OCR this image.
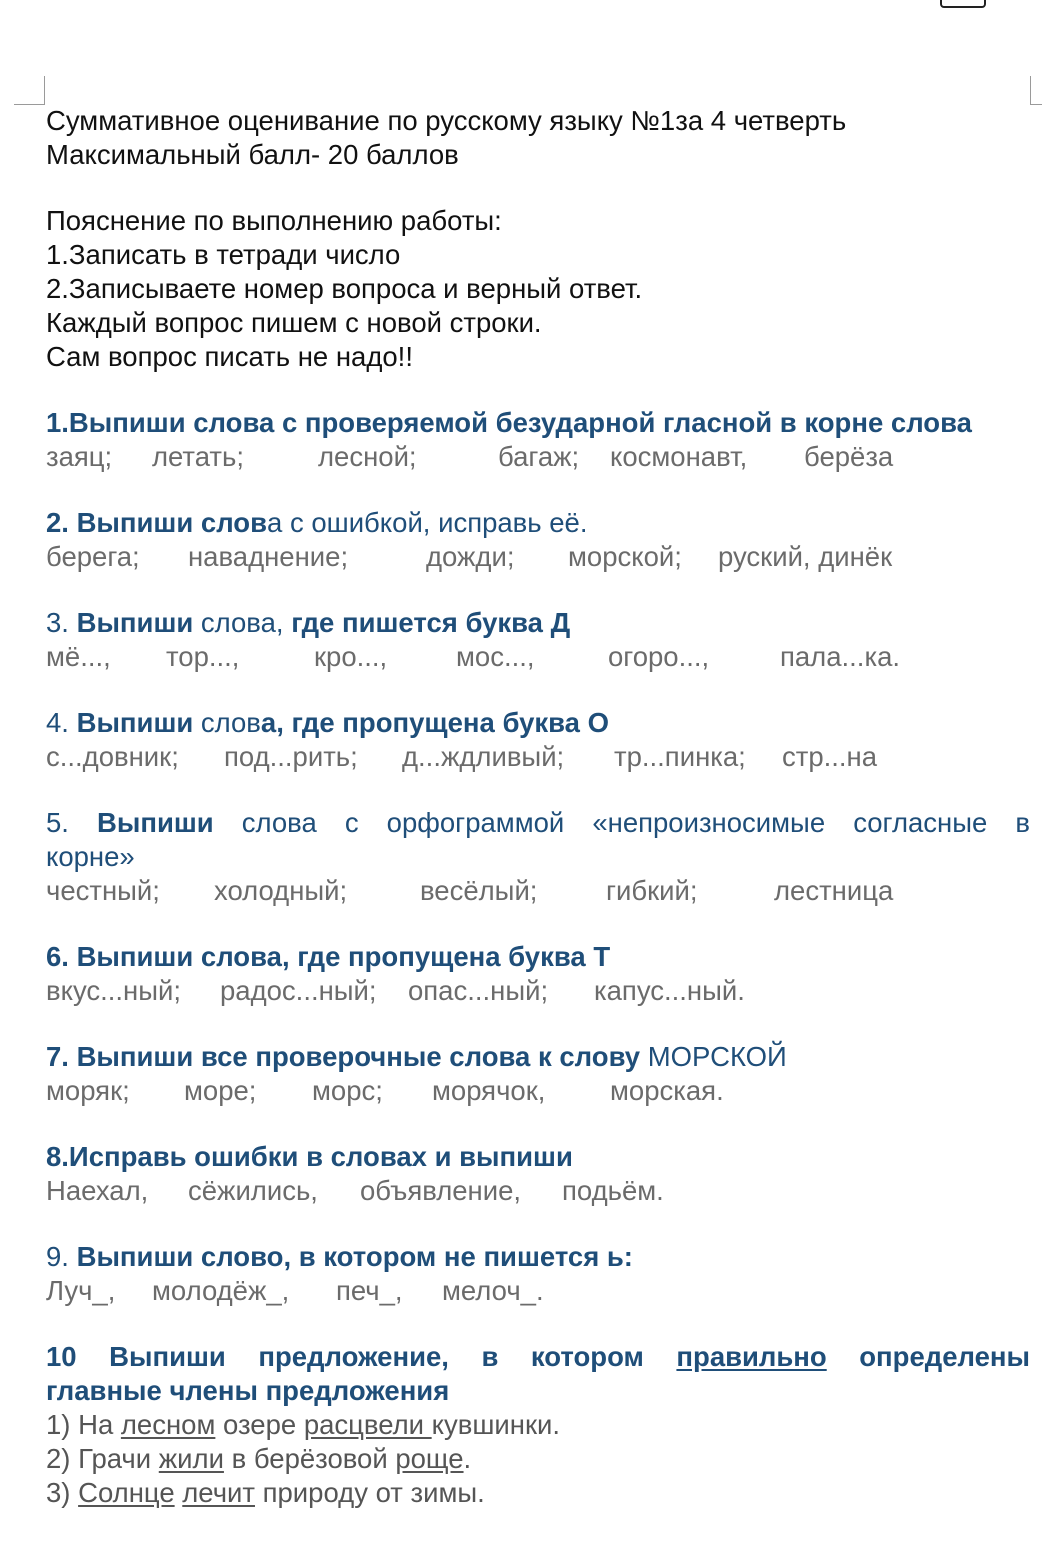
Суммативное оценивание по русскому языку №1за 4 четверть
Максимальный балл- 20 баллов
Пояснение по выполнению работы:
1.Записать в тетради число
2.Записываете номер вопроса и верный ответ.
Каждый вопрос пишем с новой строки.
Сам вопрос писать не надо!!
1.Выпиши слова с проверяемой безударной гласной в корне слова
заяц; летать;	лесной;	багаж; космонавт, берёза
2. Выпиши слова с ошибкой, исправь её.
берега; наваднение;	дожди; морской; руский, динёк
3. Выпиши слова, где пишется буква Д
мё..., тор...,	кро...,	мос...,	огоро...,	пала...ка.
4. Выпиши слова, где пропущена буква О
с...довник; под...рить; д...ждливый; тр...пинка; стр...на
5. Выпиши слова с орфограммой «непроизносимые согласные в
корне»
честный; холодный;	весёлый; гибкий;	лестница
6. Выпиши слова, где пропущена буква Т
вкус...ный; радос...ный; опас...ный; капус...ный.
7. Выпиши все проверочные слова к слову МОРСКОЙ
моряк; море; морс; морячок, морская.
8.Исправь ошибки в словах и выпиши
Наехал, сёжились, объявление, подьём.
9. Выпиши слово, в котором не пишется ь:
Луч_, молодёж_, печ_, мелоч_.
10 Выпиши предложение, в котором правильно определены
главные члены предложения
1) На лесном озере расцвели кувшинки.
2) Грачи жили в берёзовой роще.
3) Солнце лечит природу от зимы.
